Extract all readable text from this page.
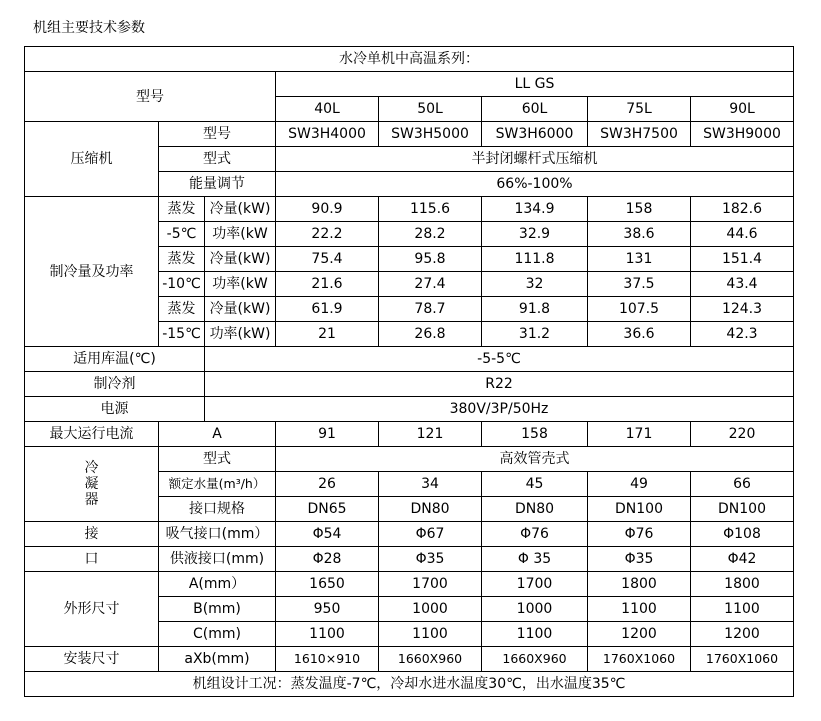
机组主要技术参数
水冷单机中高温系列：							
型号			LL GS				
			40L	50L	60L	75L	90L
压缩机	型号		SW3H4000	SW3H5000	SW3H6000	SW3H7500	SW3H9000
	型式		半封闭螺杆式压缩机				
	能量调节		66%-100%				
制冷量及功率	蒸发	冷量(kW)	90.9	115.6	134.9	158	182.6
	-5℃	功率(kW	22.2	28.2	32.9	38.6	44.6
	蒸发	冷量(kW)	75.4	95.8	111.8	131	151.4
	-10℃	功率(kW	21.6	27.4	32	37.5	43.4
	蒸发	冷量(kW)	61.9	78.7	91.8	107.5	124.3
	-15℃	功率(kW)	21	26.8	31.2	36.6	42.3
适用库温(℃)		-5-5℃					
制冷剂		R22					
电源		380V/3P/50Hz					
最大运行电流	A		91	121	158	171	220

冷
凝
器	型式		高效管壳式				
	额定水量(m³/h）		26	34	45	49	66
	接口规格		DN65	DN80	DN80	DN100	DN100
接	吸气接口(mm）		Φ54	Φ67	Φ76	Φ76	Φ108
口	供液接口(mm)		Φ28	Φ35	Φ 35	Φ35	Φ42
外形尺寸	A(mm）		1650	1700	1700	1800	1800
	B(mm)		950	1000	1000	1100	1100
	C(mm)		1100	1100	1100	1200	1200
安装尺寸	aXb(mm)		1610×910	1660X960	1660X960	1760X1060	1760X1060
机组设计工况：蒸发温度-7℃，冷却水进水温度30℃，出水温度35℃							
